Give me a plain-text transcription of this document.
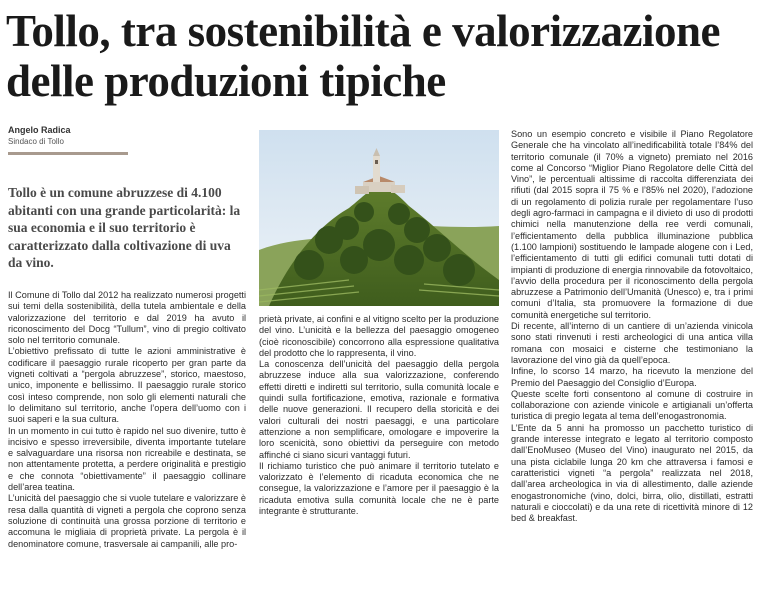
Tollo, tra sostenibilità e valorizzazione delle produzioni tipiche
Angelo Radica
Sindaco di Tollo

Tollo è un comune abruzzese di 4.100 abitanti con una grande particolarità: la sua economia e il suo territorio è caratterizzato dalla coltivazione di uva da vino.

Il Comune di Tollo dal 2012 ha realizzato numerosi progetti sui temi della sostenibilità, della tutela ambientale e della valorizzazione del territorio e dal 2019 ha avuto il riconoscimento del Docg “Tullum”, vino di pregio coltivato solo nel territorio comunale.

L’obiettivo prefissato di tutte le azioni amministrative è codificare il paesaggio rurale ricoperto per gran parte da vigneti coltivati a “pergola abruzzese”, storico, maestoso, unico, imponente e bellissimo. Il paesaggio rurale storico così inteso comprende, non solo gli elementi naturali che lo delimitano sul territorio, anche l’opera dell’uomo con i suoi saperi e la sua cultura.

In un momento in cui tutto è rapido nel suo divenire, tutto è incisivo e spesso irreversibile, diventa importante tutelare e salvaguardare una risorsa non ricreabile e destinata, se non attentamente protetta, a perdere originalità e prestigio e che connota “obiettivamente” il paesaggio collinare dell’area teatina.

L’unicità del paesaggio che si vuole tutelare e valorizzare è resa dalla quantità di vigneti a pergola che coprono senza soluzione di continuità una grossa porzione di territorio e accomuna le migliaia di proprietà private. La pergola è il denominatore comune, trasversale ai campanili, alle pro-

prietà private, ai confini e al vitigno scelto per la produzione del vino. L’unicità e la bellezza del paesaggio omogeneo (cioè riconoscibile) concorrono alla espressione qualitativa del prodotto che lo rappresenta, il vino.

La conoscenza dell’unicità del paesaggio della pergola abruzzese induce alla sua valorizzazione, conferendo effetti diretti e indiretti sul territorio, sulla comunità locale e quindi sulla fortificazione, emotiva, razionale e formativa delle nuove generazioni. Il recupero della storicità e dei valori culturali dei nostri paesaggi, e una particolare attenzione a non semplificare, omologare e impoverire la loro scenicità, sono obiettivi da perseguire con metodo affinché ci siano sicuri vantaggi futuri.

Il richiamo turistico che può animare il territorio tutelato e valorizzato è l’elemento di ricaduta economica che ne consegue, la valorizzazione e l’amore per il paesaggio è la ricaduta emotiva sulla comunità locale che ne è parte integrante è strutturante.

Sono un esempio concreto e visibile il Piano Regolatore Generale che ha vincolato all’inedificabilità totale l’84% del territorio comunale (il 70% a vigneto) premiato nel 2016 come al Concorso “Miglior Piano Regolatore delle Città del Vino”, le percentuali altissime di raccolta differenziata dei rifiuti (dal 2015 sopra il 75 % e l’85% nel 2020), l’adozione di un regolamento di polizia rurale per regolamentare l’uso degli agro-farmaci in campagna e il divieto di uso di prodotti chimici nella manutenzione della ree verdi comunali, l’efficientamento della pubblica illuminazione pubblica (1.100 lampioni) sostituendo le lampade alogene con i Led, l’efficientamento di tutti gli edifici comunali tutti dotati di impianti di produzione di energia rinnovabile da fotovoltaico, l’avvio della procedura per il riconoscimento della pergola abruzzese a Patrimonio dell’Umanità (Unesco) e, tra i primi comuni d’Italia, sta promuovere la formazione di due comunità energetiche sul territorio.

Di recente, all’interno di un cantiere di un’azienda vinicola sono stati rinvenuti i resti archeologici di una antica villa romana con mosaici e cisterne che testimoniano la lavorazione del vino già da quell’epoca.

Infine, lo scorso 14 marzo, ha ricevuto la menzione del Premio del Paesaggio del Consiglio d’Europa.

Queste scelte forti consentono al comune di costruire in collaborazione con aziende vinicole e artigianali un’offerta turistica di pregio legata al tema dell’enogastronomia.

L’Ente da 5 anni ha promosso un pacchetto turistico di grande interesse integrato e legato al territorio composto dall’EnoMuseo (Museo del Vino) inaugurato nel 2015, da una pista ciclabile lunga 20 km che attraversa i famosi e caratteristici vigneti “a pergola” realizzata nel 2018, dall’area archeologica in via di allestimento, dalle aziende enogastronomiche (vino, dolci, birra, olio, distillati, estratti naturali e cioccolati) e da una rete di ricettività minore di 12 bed & breakfast.
